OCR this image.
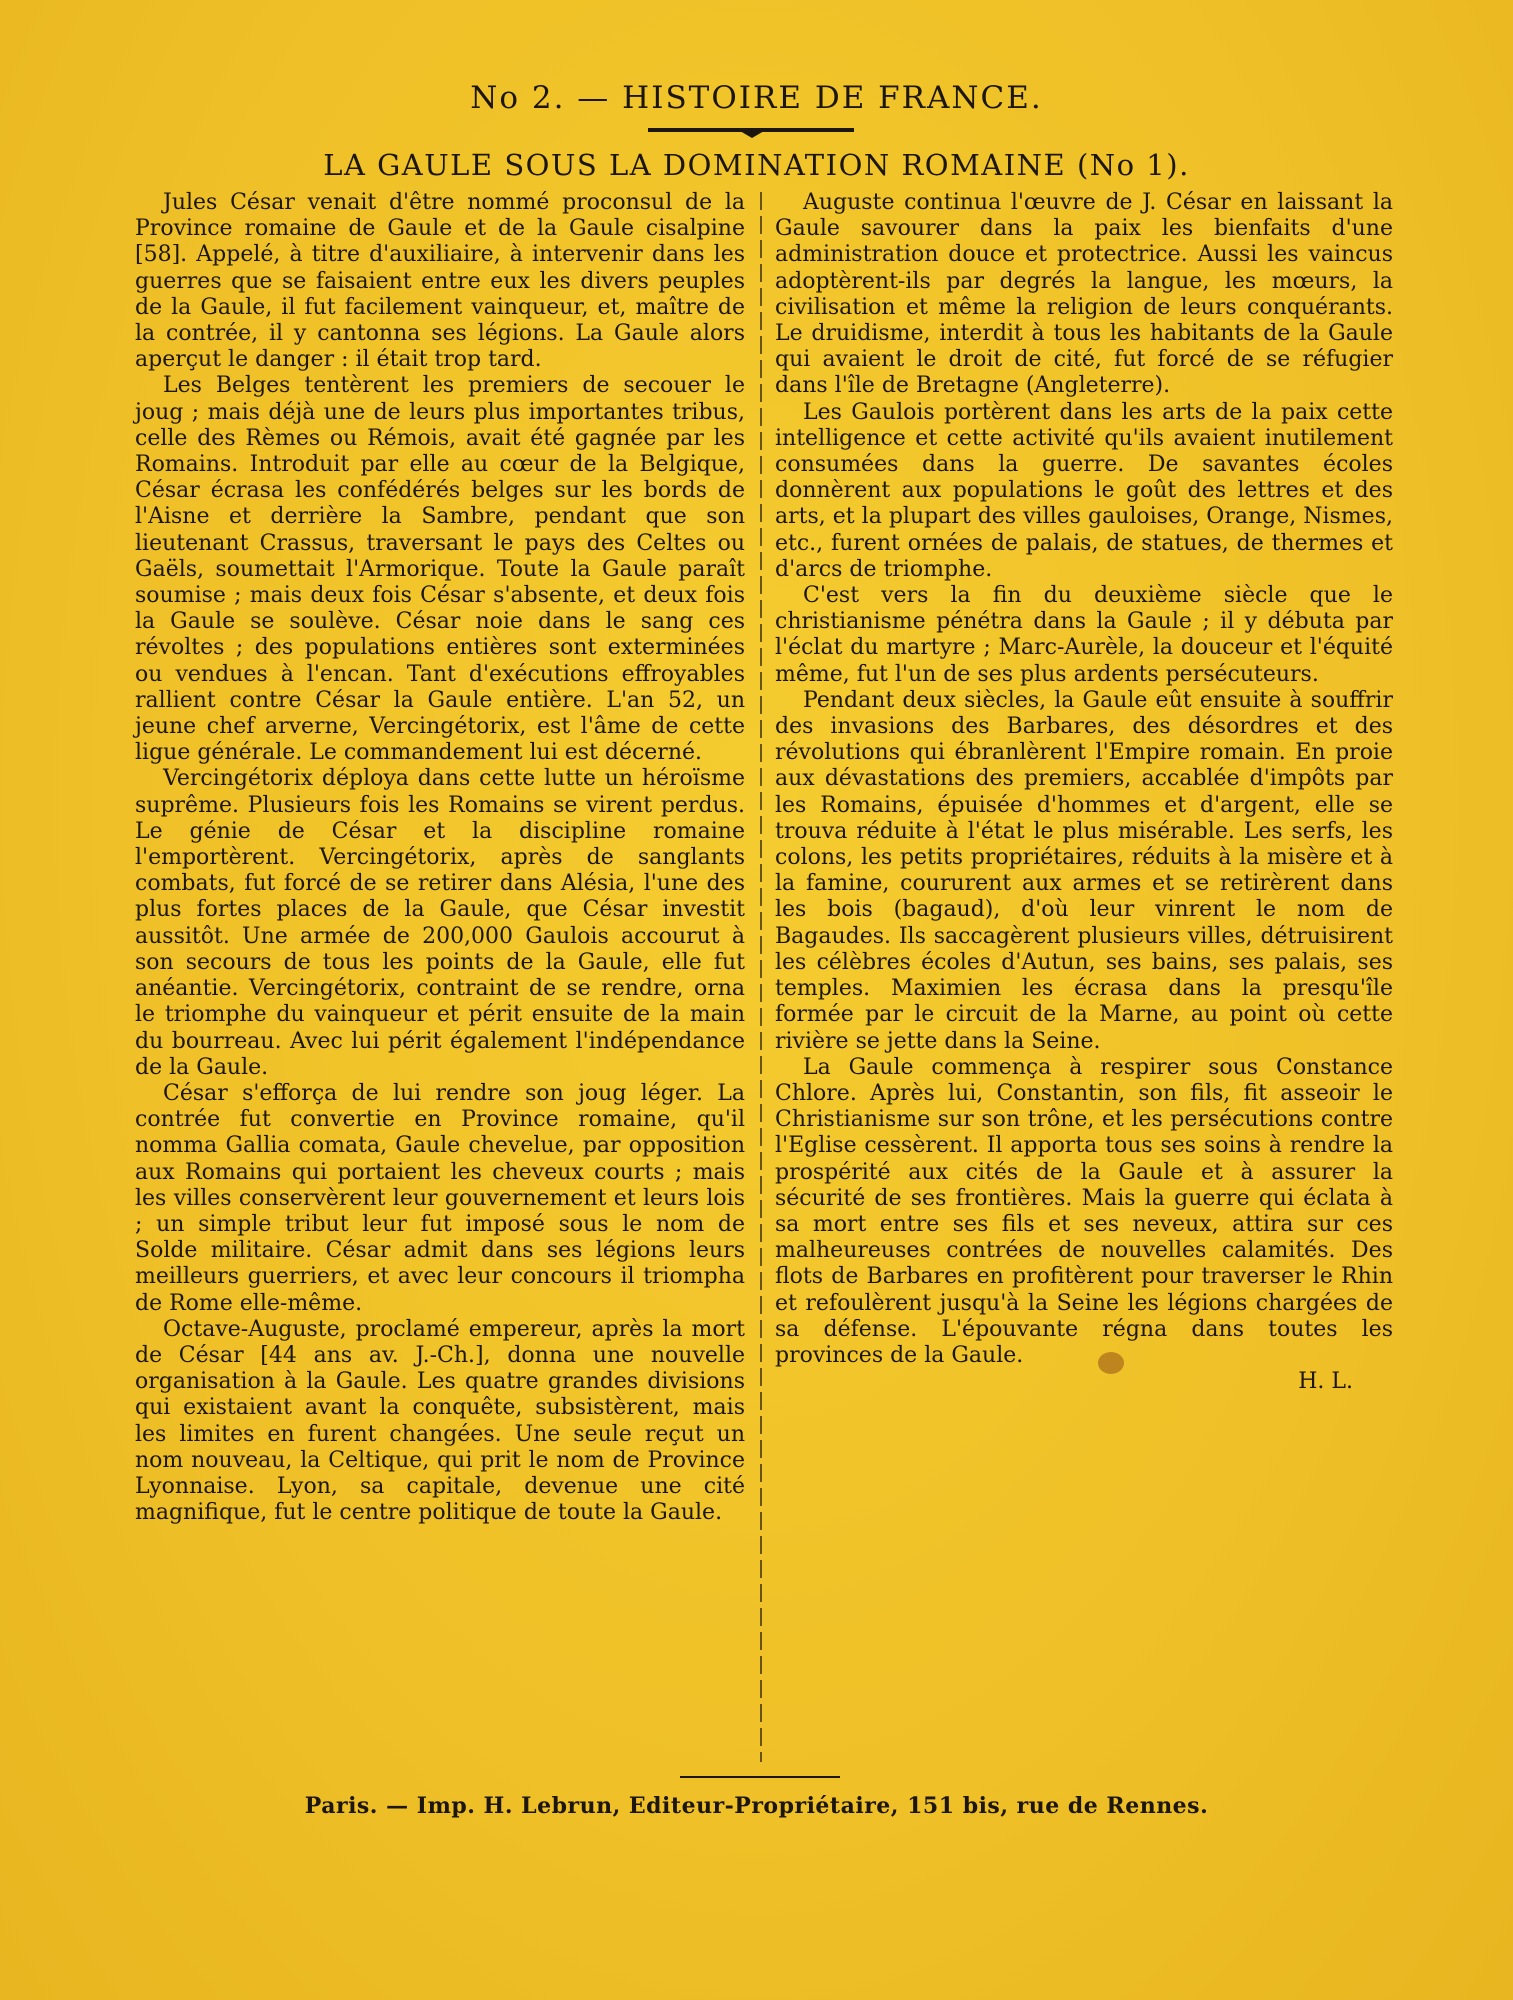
No 2. — HISTOIRE DE FRANCE.
LA GAULE SOUS LA DOMINATION ROMAINE (No 1).

Jules César venait d'être nommé proconsul de la Province romaine de Gaule et de la Gaule cisalpine [58]. Appelé, à titre d'auxiliaire, à intervenir dans les guerres que se faisaient entre eux les divers peuples de la Gaule, il fut facilement vainqueur, et, maître de la contrée, il y cantonna ses légions. La Gaule alors aperçut le danger : il était trop tard.

Les Belges tentèrent les premiers de secouer le joug ; mais déjà une de leurs plus importantes tribus, celle des Rèmes ou Rémois, avait été gagnée par les Romains. Introduit par elle au cœur de la Belgique, César écrasa les confédérés belges sur les bords de l'Aisne et derrière la Sambre, pendant que son lieutenant Crassus, traversant le pays des Celtes ou Gaëls, soumettait l'Armorique. Toute la Gaule paraît soumise ; mais deux fois César s'absente, et deux fois la Gaule se soulève. César noie dans le sang ces révoltes ; des populations entières sont exterminées ou vendues à l'encan. Tant d'exécutions effroyables rallient contre César la Gaule entière. L'an 52, un jeune chef arverne, Vercingétorix, est l'âme de cette ligue générale. Le commandement lui est décerné.

Vercingétorix déploya dans cette lutte un héroïsme suprême. Plusieurs fois les Romains se virent perdus. Le génie de César et la discipline romaine l'emportèrent. Vercingétorix, après de sanglants combats, fut forcé de se retirer dans Alésia, l'une des plus fortes places de la Gaule, que César investit aussitôt. Une armée de 200,000 Gaulois accourut à son secours de tous les points de la Gaule, elle fut anéantie. Vercingétorix, contraint de se rendre, orna le triomphe du vainqueur et périt ensuite de la main du bourreau. Avec lui périt également l'indépendance de la Gaule.

César s'efforça de lui rendre son joug léger. La contrée fut convertie en Province romaine, qu'il nomma Gallia comata, Gaule chevelue, par opposition aux Romains qui portaient les cheveux courts ; mais les villes conservèrent leur gouvernement et leurs lois ; un simple tribut leur fut imposé sous le nom de Solde militaire. César admit dans ses légions leurs meilleurs guerriers, et avec leur concours il triompha de Rome elle-même.

Octave-Auguste, proclamé empereur, après la mort de César [44 ans av. J.-Ch.], donna une nouvelle organisation à la Gaule. Les quatre grandes divisions qui existaient avant la conquête, subsistèrent, mais les limites en furent changées. Une seule reçut un nom nouveau, la Celtique, qui prit le nom de Province Lyonnaise. Lyon, sa capitale, devenue une cité magnifique, fut le centre politique de toute la Gaule.

Auguste continua l'œuvre de J. César en laissant la Gaule savourer dans la paix les bienfaits d'une administration douce et protectrice. Aussi les vaincus adoptèrent-ils par degrés la langue, les mœurs, la civilisation et même la religion de leurs conquérants. Le druidisme, interdit à tous les habitants de la Gaule qui avaient le droit de cité, fut forcé de se réfugier dans l'île de Bretagne (Angleterre).

Les Gaulois portèrent dans les arts de la paix cette intelligence et cette activité qu'ils avaient inutilement consumées dans la guerre. De savantes écoles donnèrent aux populations le goût des lettres et des arts, et la plupart des villes gauloises, Orange, Nismes, etc., furent ornées de palais, de statues, de thermes et d'arcs de triomphe.

C'est vers la fin du deuxième siècle que le christianisme pénétra dans la Gaule ; il y débuta par l'éclat du martyre ; Marc-Aurèle, la douceur et l'équité même, fut l'un de ses plus ardents persécuteurs.

Pendant deux siècles, la Gaule eût ensuite à souffrir des invasions des Barbares, des désordres et des révolutions qui ébranlèrent l'Empire romain. En proie aux dévastations des premiers, accablée d'impôts par les Romains, épuisée d'hommes et d'argent, elle se trouva réduite à l'état le plus misérable. Les serfs, les colons, les petits propriétaires, réduits à la misère et à la famine, coururent aux armes et se retirèrent dans les bois (bagaud), d'où leur vinrent le nom de Bagaudes. Ils saccagèrent plusieurs villes, détruisirent les célèbres écoles d'Autun, ses bains, ses palais, ses temples. Maximien les écrasa dans la presqu'île formée par le circuit de la Marne, au point où cette rivière se jette dans la Seine.

La Gaule commença à respirer sous Constance Chlore. Après lui, Constantin, son fils, fit asseoir le Christianisme sur son trône, et les persécutions contre l'Eglise cessèrent. Il apporta tous ses soins à rendre la prospérité aux cités de la Gaule et à assurer la sécurité de ses frontières. Mais la guerre qui éclata à sa mort entre ses fils et ses neveux, attira sur ces malheureuses contrées de nouvelles calamités. Des flots de Barbares en profitèrent pour traverser le Rhin et refoulèrent jusqu'à la Seine les légions chargées de sa défense. L'épouvante régna dans toutes les provinces de la Gaule.

H. L.

Paris. — Imp. H. Lebrun, Editeur-Propriétaire, 151 bis, rue de Rennes.
